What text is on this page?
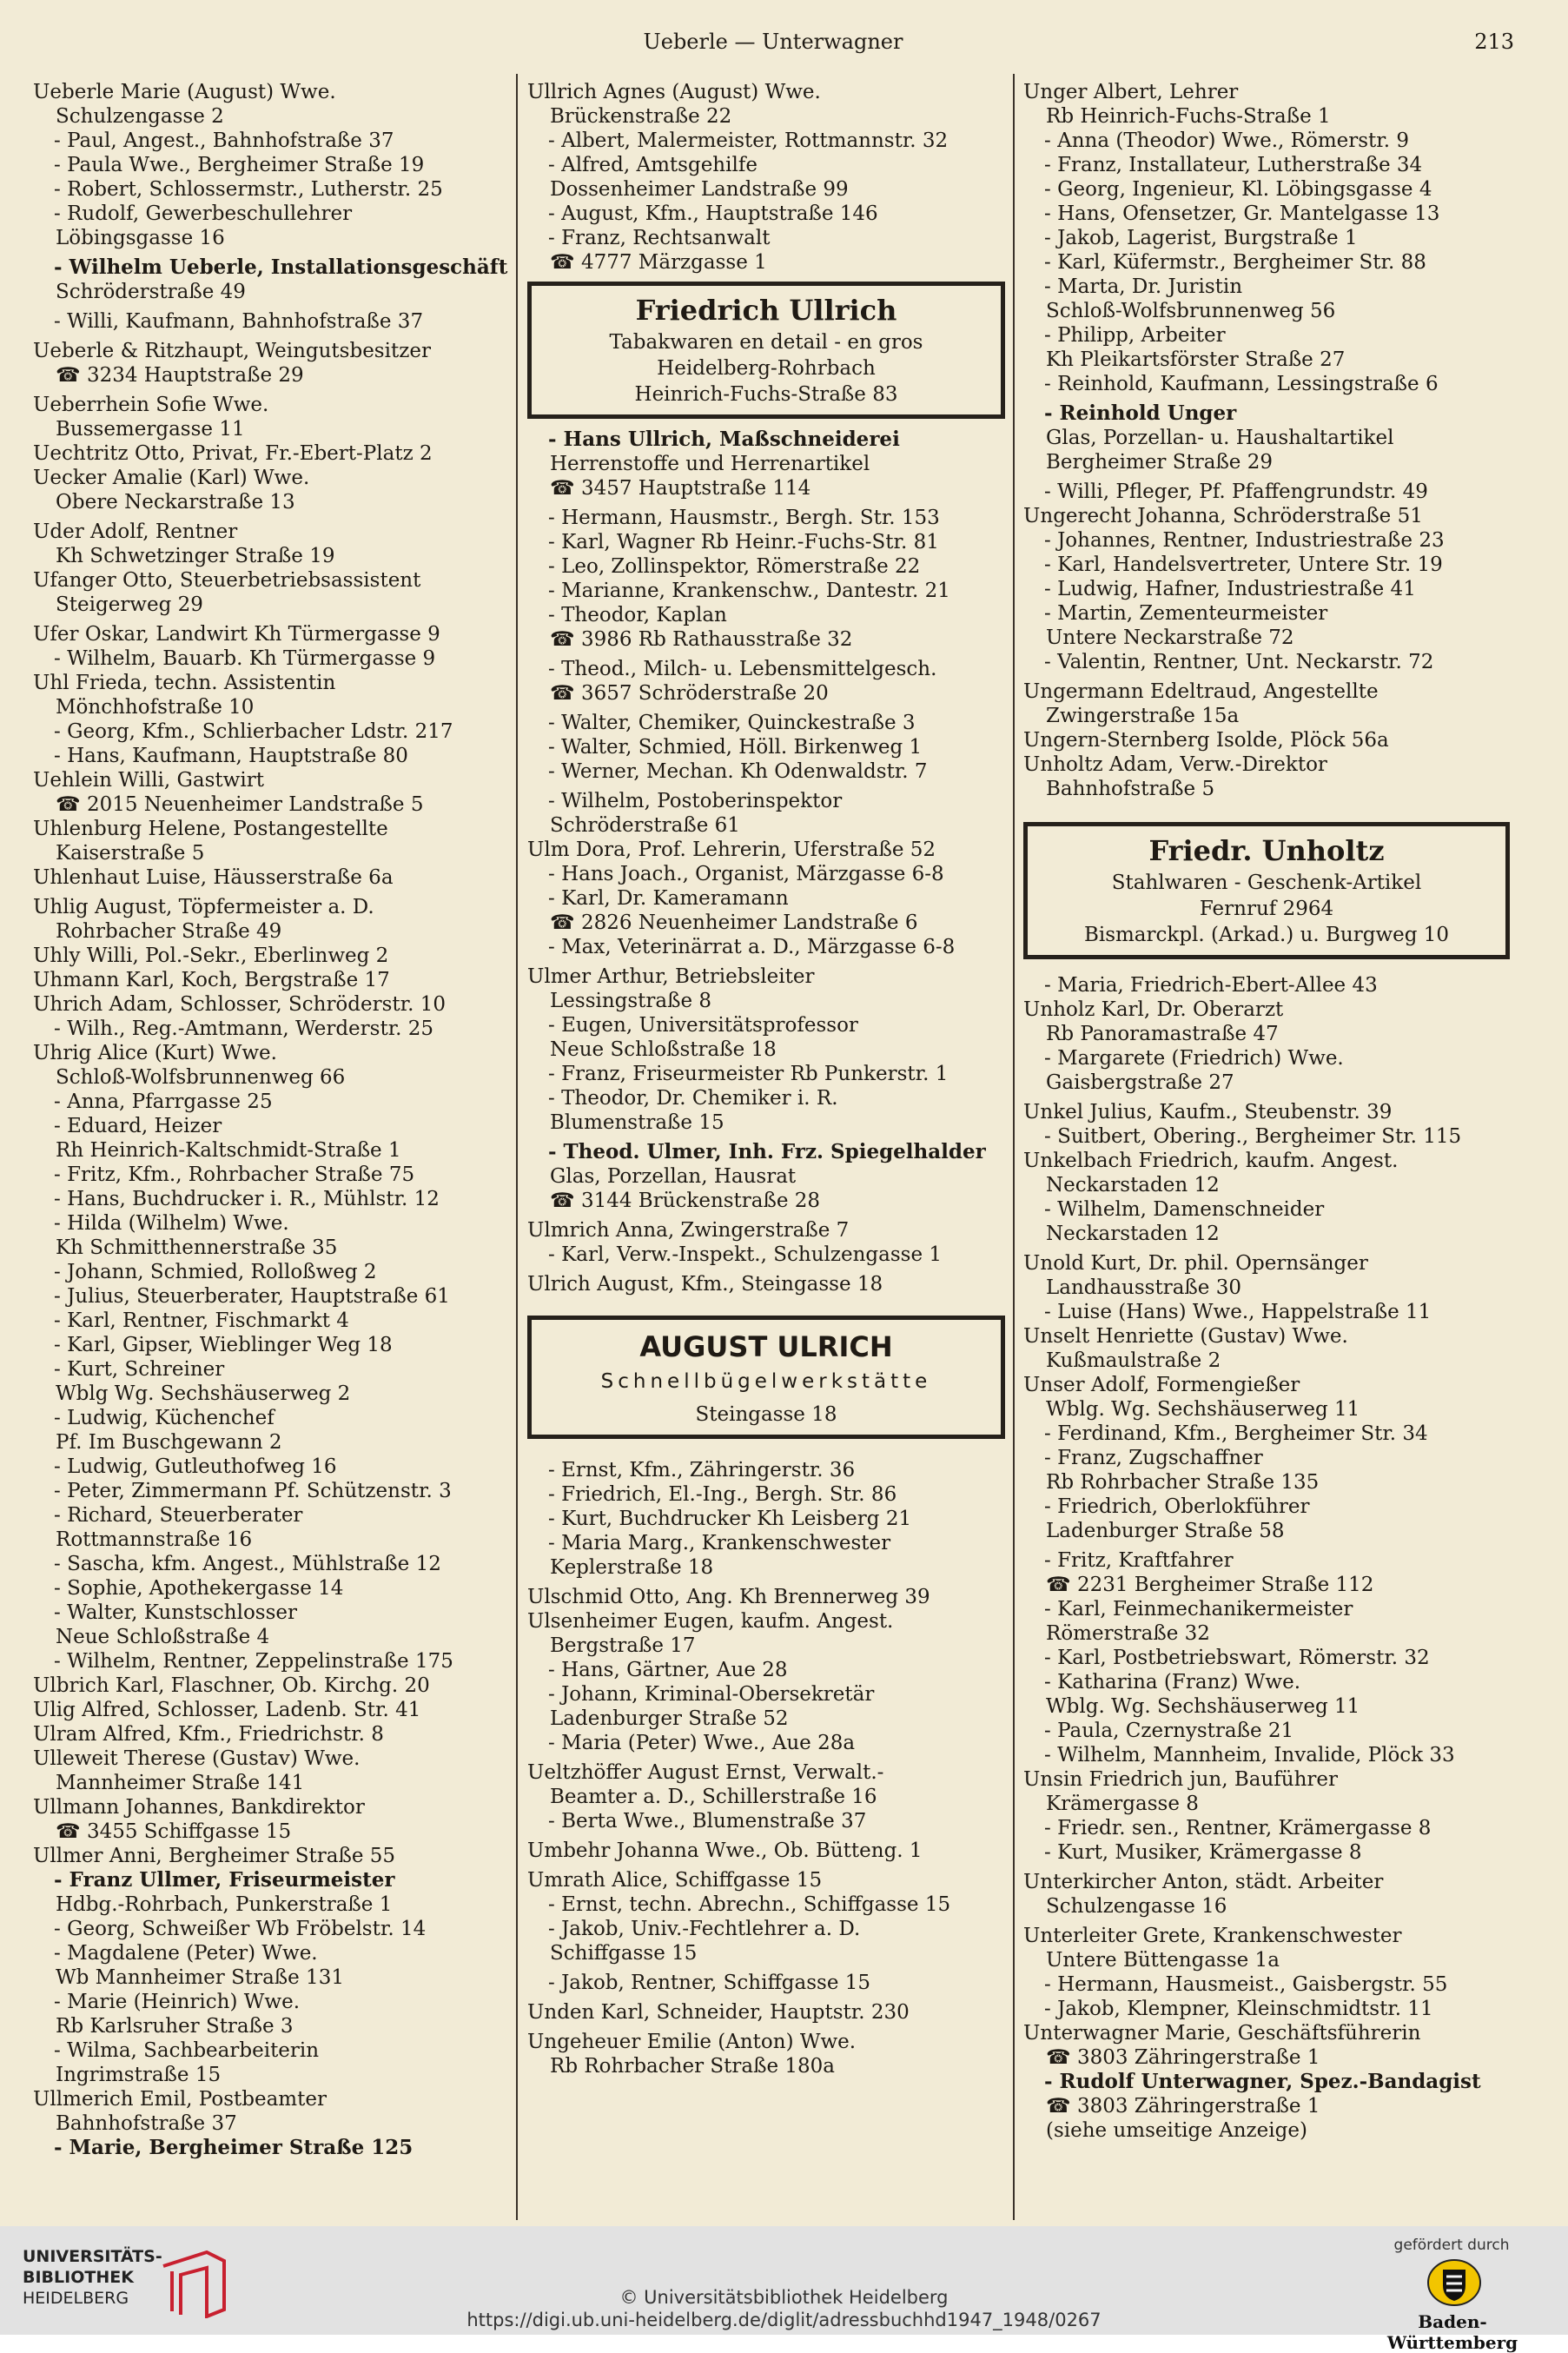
Ueberle — Unterwagner	213
Ueberle Marie (August) Wwe.
Schulzengasse 2
- Paul, Angest., Bahnhofstraße 37
- Paula Wwe., Bergheimer Straße 19
- Robert, Schlossermstr., Lutherstr. 25
- Rudolf, Gewerbeschullehrer
Löbingsgasse 16
- Wilhelm Ueberle, Installationsgeschäft
Schröderstraße 49
- Willi, Kaufmann, Bahnhofstraße 37
Ueberle & Ritzhaupt, Weingutsbesitzer
☎ 3234 Hauptstraße 29
Ueberrhein Sofie Wwe.
Bussemergasse 11
Uechtritz Otto, Privat, Fr.-Ebert-Platz 2
Uecker Amalie (Karl) Wwe.
Obere Neckarstraße 13
Uder Adolf, Rentner
Kh Schwetzinger Straße 19
Ufanger Otto, Steuerbetriebsassistent
Steigerweg 29
Ufer Oskar, Landwirt Kh Türmergasse 9
- Wilhelm, Bauarb. Kh Türmergasse 9
Uhl Frieda, techn. Assistentin
Mönchhofstraße 10
- Georg, Kfm., Schlierbacher Ldstr. 217
- Hans, Kaufmann, Hauptstraße 80
Uehlein Willi, Gastwirt
☎ 2015 Neuenheimer Landstraße 5
Uhlenburg Helene, Postangestellte
Kaiserstraße 5
Uhlenhaut Luise, Häusserstraße 6a
Uhlig August, Töpfermeister a. D.
Rohrbacher Straße 49
Uhly Willi, Pol.-Sekr., Eberlinweg 2
Uhmann Karl, Koch, Bergstraße 17
Uhrich Adam, Schlosser, Schröderstr. 10
- Wilh., Reg.-Amtmann, Werderstr. 25
Uhrig Alice (Kurt) Wwe.
Schloß-Wolfsbrunnenweg 66
- Anna, Pfarrgasse 25
- Eduard, Heizer
Rh Heinrich-Kaltschmidt-Straße 1
- Fritz, Kfm., Rohrbacher Straße 75
- Hans, Buchdrucker i. R., Mühlstr. 12
- Hilda (Wilhelm) Wwe.
Kh Schmitthennerstraße 35
- Johann, Schmied, Rolloßweg 2
- Julius, Steuerberater, Hauptstraße 61
- Karl, Rentner, Fischmarkt 4
- Karl, Gipser, Wieblinger Weg 18
- Kurt, Schreiner
Wblg Wg. Sechshäuserweg 2
- Ludwig, Küchenchef
Pf. Im Buschgewann 2
- Ludwig, Gutleuthofweg 16
- Peter, Zimmermann Pf. Schützenstr. 3
- Richard, Steuerberater
Rottmannstraße 16
- Sascha, kfm. Angest., Mühlstraße 12
- Sophie, Apothekergasse 14
- Walter, Kunstschlosser
Neue Schloßstraße 4
- Wilhelm, Rentner, Zeppelinstraße 175
Ulbrich Karl, Flaschner, Ob. Kirchg. 20
Ulig Alfred, Schlosser, Ladenb. Str. 41
Ulram Alfred, Kfm., Friedrichstr. 8
Ulleweit Therese (Gustav) Wwe.
Mannheimer Straße 141
Ullmann Johannes, Bankdirektor
☎ 3455 Schiffgasse 15
Ullmer Anni, Bergheimer Straße 55
- Franz Ullmer, Friseurmeister
Hdbg.-Rohrbach, Punkerstraße 1
- Georg, Schweißer Wb Fröbelstr. 14
- Magdalene (Peter) Wwe.
Wb Mannheimer Straße 131
- Marie (Heinrich) Wwe.
Rb Karlsruher Straße 3
- Wilma, Sachbearbeiterin
Ingrimstraße 15
Ullmerich Emil, Postbeamter
Bahnhofstraße 37
- Marie, Bergheimer Straße 125
Ullrich Agnes (August) Wwe.
Brückenstraße 22
- Albert, Malermeister, Rottmannstr. 32
- Alfred, Amtsgehilfe
Dossenheimer Landstraße 99
- August, Kfm., Hauptstraße 146
- Franz, Rechtsanwalt
☎ 4777 Märzgasse 1
Friedrich Ullrich
Tabakwaren en detail - en gros
Heidelberg-Rohrbach
Heinrich-Fuchs-Straße 83
- Hans Ullrich, Maßschneiderei
Herrenstoffe und Herrenartikel
☎ 3457 Hauptstraße 114
- Hermann, Hausmstr., Bergh. Str. 153
- Karl, Wagner Rb Heinr.-Fuchs-Str. 81
- Leo, Zollinspektor, Römerstraße 22
- Marianne, Krankenschw., Dantestr. 21
- Theodor, Kaplan
☎ 3986 Rb Rathausstraße 32
- Theod., Milch- u. Lebensmittelgesch.
☎ 3657 Schröderstraße 20
- Walter, Chemiker, Quinckestraße 3
- Walter, Schmied, Höll. Birkenweg 1
- Werner, Mechan. Kh Odenwaldstr. 7
- Wilhelm, Postoberinspektor
Schröderstraße 61
Ulm Dora, Prof. Lehrerin, Uferstraße 52
- Hans Joach., Organist, Märzgasse 6-8
- Karl, Dr. Kameramann
☎ 2826 Neuenheimer Landstraße 6
- Max, Veterinärrat a. D., Märzgasse 6-8
Ulmer Arthur, Betriebsleiter
Lessingstraße 8
- Eugen, Universitätsprofessor
Neue Schloßstraße 18
- Franz, Friseurmeister Rb Punkerstr. 1
- Theodor, Dr. Chemiker i. R.
Blumenstraße 15
- Theod. Ulmer, Inh. Frz. Spiegelhalder
Glas, Porzellan, Hausrat
☎ 3144 Brückenstraße 28
Ulmrich Anna, Zwingerstraße 7
- Karl, Verw.-Inspekt., Schulzengasse 1
Ulrich August, Kfm., Steingasse 18
AUGUST ULRICH
Schnellbügelwerkstätte
Steingasse 18
- Ernst, Kfm., Zähringerstr. 36
- Friedrich, El.-Ing., Bergh. Str. 86
- Kurt, Buchdrucker Kh Leisberg 21
- Maria Marg., Krankenschwester
Keplerstraße 18
Ulschmid Otto, Ang. Kh Brennerweg 39
Ulsenheimer Eugen, kaufm. Angest.
Bergstraße 17
- Hans, Gärtner, Aue 28
- Johann, Kriminal-Obersekretär
Ladenburger Straße 52
- Maria (Peter) Wwe., Aue 28a
Ueltzhöffer August Ernst, Verwalt.-
Beamter a. D., Schillerstraße 16
- Berta Wwe., Blumenstraße 37
Umbehr Johanna Wwe., Ob. Bütteng. 1
Umrath Alice, Schiffgasse 15
- Ernst, techn. Abrechn., Schiffgasse 15
- Jakob, Univ.-Fechtlehrer a. D.
Schiffgasse 15
- Jakob, Rentner, Schiffgasse 15
Unden Karl, Schneider, Hauptstr. 230
Ungeheuer Emilie (Anton) Wwe.
Rb Rohrbacher Straße 180a
Unger Albert, Lehrer
Rb Heinrich-Fuchs-Straße 1
- Anna (Theodor) Wwe., Römerstr. 9
- Franz, Installateur, Lutherstraße 34
- Georg, Ingenieur, Kl. Löbingsgasse 4
- Hans, Ofensetzer, Gr. Mantelgasse 13
- Jakob, Lagerist, Burgstraße 1
- Karl, Küfermstr., Bergheimer Str. 88
- Marta, Dr. Juristin
Schloß-Wolfsbrunnenweg 56
- Philipp, Arbeiter
Kh Pleikartsförster Straße 27
- Reinhold, Kaufmann, Lessingstraße 6
- Reinhold Unger
Glas, Porzellan- u. Haushaltartikel
Bergheimer Straße 29
- Willi, Pfleger, Pf. Pfaffengrundstr. 49
Ungerecht Johanna, Schröderstraße 51
- Johannes, Rentner, Industriestraße 23
- Karl, Handelsvertreter, Untere Str. 19
- Ludwig, Hafner, Industriestraße 41
- Martin, Zementeurmeister
Untere Neckarstraße 72
- Valentin, Rentner, Unt. Neckarstr. 72
Ungermann Edeltraud, Angestellte
Zwingerstraße 15a
Ungern-Sternberg Isolde, Plöck 56a
Unholtz Adam, Verw.-Direktor
Bahnhofstraße 5
Friedr. Unholtz
Stahlwaren - Geschenk-Artikel
Fernruf 2964
Bismarckpl. (Arkad.) u. Burgweg 10
- Maria, Friedrich-Ebert-Allee 43
Unholz Karl, Dr. Oberarzt
Rb Panoramastraße 47
- Margarete (Friedrich) Wwe.
Gaisbergstraße 27
Unkel Julius, Kaufm., Steubenstr. 39
- Suitbert, Obering., Bergheimer Str. 115
Unkelbach Friedrich, kaufm. Angest.
Neckarstaden 12
- Wilhelm, Damenschneider
Neckarstaden 12
Unold Kurt, Dr. phil. Opernsänger
Landhausstraße 30
- Luise (Hans) Wwe., Happelstraße 11
Unselt Henriette (Gustav) Wwe.
Kußmaulstraße 2
Unser Adolf, Formengießer
Wblg. Wg. Sechshäuserweg 11
- Ferdinand, Kfm., Bergheimer Str. 34
- Franz, Zugschaffner
Rb Rohrbacher Straße 135
- Friedrich, Oberlokführer
Ladenburger Straße 58
- Fritz, Kraftfahrer
☎ 2231 Bergheimer Straße 112
- Karl, Feinmechanikermeister
Römerstraße 32
- Karl, Postbetriebswart, Römerstr. 32
- Katharina (Franz) Wwe.
Wblg. Wg. Sechshäuserweg 11
- Paula, Czernystraße 21
- Wilhelm, Mannheim, Invalide, Plöck 33
Unsin Friedrich jun, Bauführer
Krämergasse 8
- Friedr. sen., Rentner, Krämergasse 8
- Kurt, Musiker, Krämergasse 8
Unterkircher Anton, städt. Arbeiter
Schulzengasse 16
Unterleiter Grete, Krankenschwester
Untere Büttengasse 1a
- Hermann, Hausmeist., Gaisbergstr. 55
- Jakob, Klempner, Kleinschmidtstr. 11
Unterwagner Marie, Geschäftsführerin
☎ 3803 Zähringerstraße 1
- Rudolf Unterwagner, Spez.-Bandagist
☎ 3803 Zähringerstraße 1
(siehe umseitige Anzeige)
UNIVERSITÄTS-
BIBLIOTHEK
HEIDELBERG	© Universitätsbibliothek Heidelberg
https://digi.ub.uni-heidelberg.de/diglit/adressbuchhd1947_1948/0267
gefördert durch
Baden-Württemberg
